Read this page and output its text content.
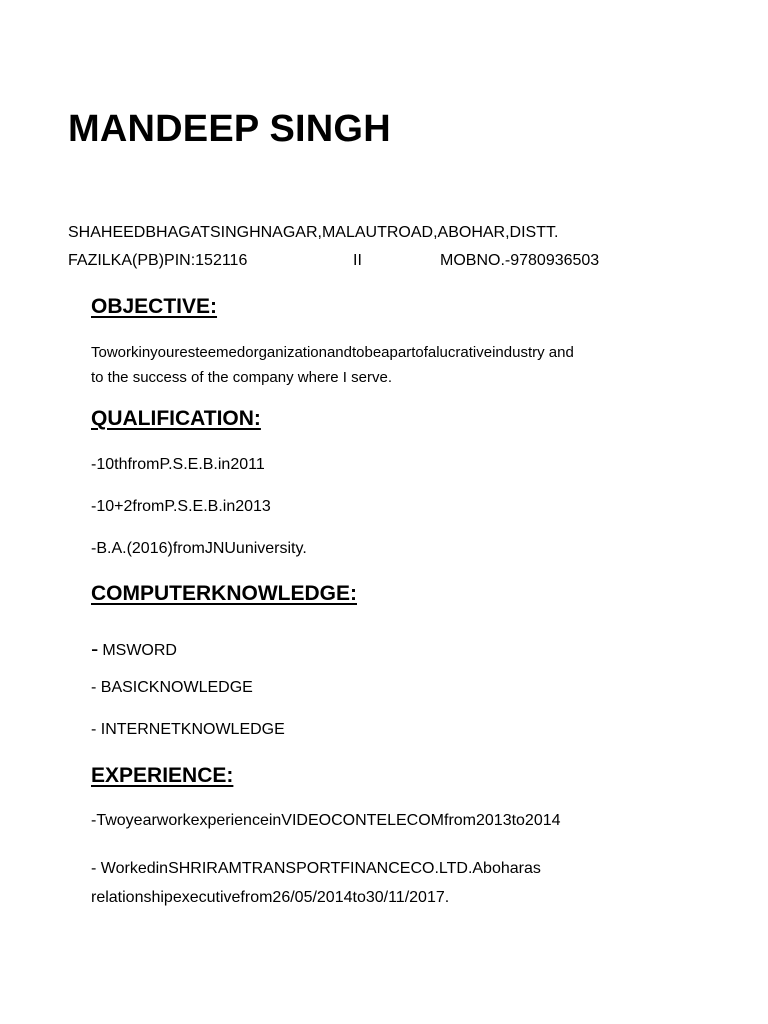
MANDEEP SINGH
SHAHEEDBHAGATSINGHNAGAR,MALAUTROAD,ABOHAR,DISTT.
FAZILKA(PB)PIN:152116	II	MOBNO.-9780936503
OBJECTIVE:
Toworkinyouresteemedorganizationandtobeapartofalucrativeindustry and
to the success of the company where I serve.
QUALIFICATION:
-10thfromP.S.E.B.in2011
-10+2fromP.S.E.B.in2013
-B.A.(2016)fromJNUuniversity.
COMPUTERKNOWLEDGE:
- MSWORD
- BASICKNOWLEDGE
- INTERNETKNOWLEDGE
EXPERIENCE:
-TwoyearworkexperienceinVIDEOCONTELECOMfrom2013to2014
- WorkedinSHRIRAMTRANSPORTFINANCECO.LTD.Aboharas
relationshipexecutivefrom26/05/2014to30/11/2017.
